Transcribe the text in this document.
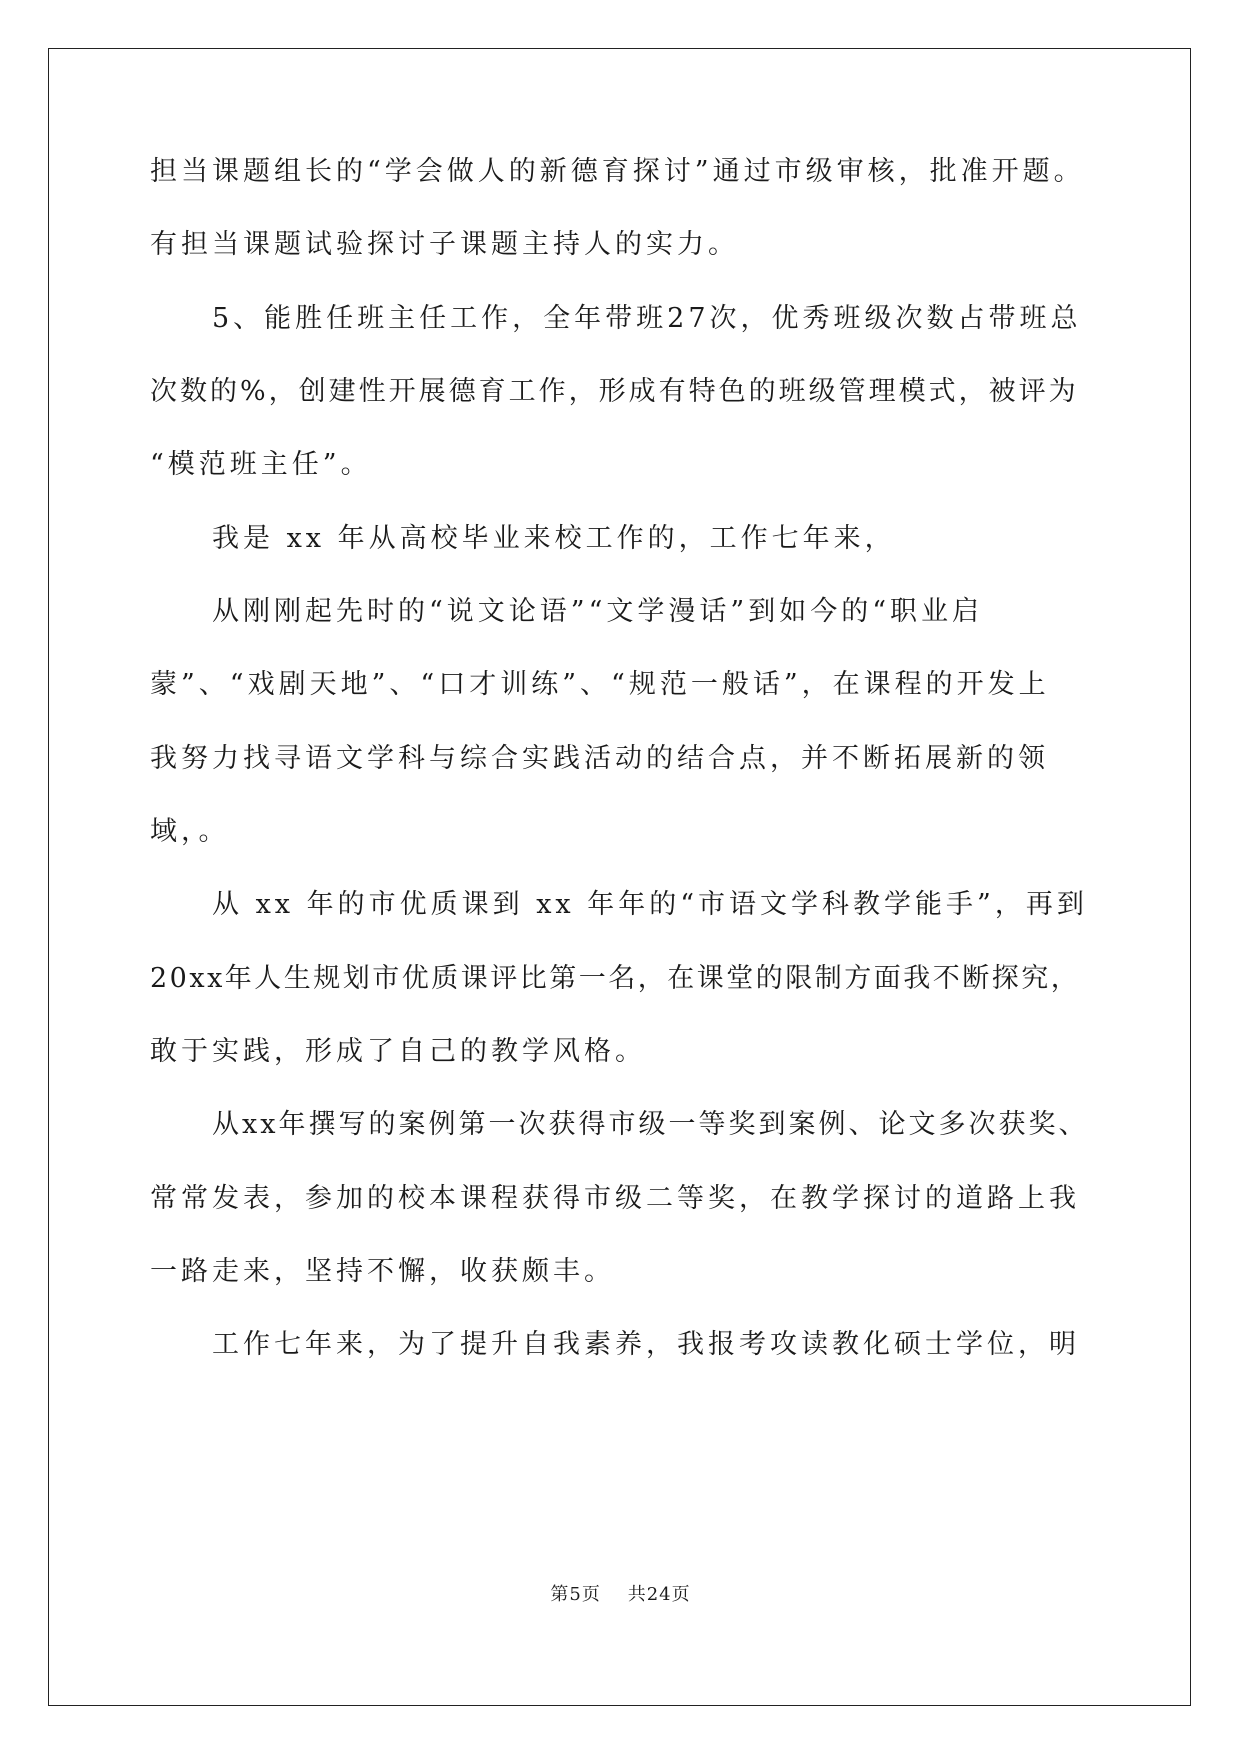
担当课题组长的“学会做人的新德育探讨”通过市级审核，批准开题。
有担当课题试验探讨子课题主持人的实力。
5、能胜任班主任工作，全年带班27次，优秀班级次数占带班总
次数的%，创建性开展德育工作，形成有特色的班级管理模式，被评为
“模范班主任”。
我是 xx 年从高校毕业来校工作的，工作七年来，
从刚刚起先时的“说文论语”“文学漫话”到如今的“职业启
蒙”、“戏剧天地”、“口才训练”、“规范一般话”，在课程的开发上
我努力找寻语文学科与综合实践活动的结合点，并不断拓展新的领
域，。
从 xx 年的市优质课到 xx 年年的“市语文学科教学能手”，再到
20xx年人生规划市优质课评比第一名，在课堂的限制方面我不断探究，
敢于实践，形成了自己的教学风格。
从xx年撰写的案例第一次获得市级一等奖到案例、论文多次获奖、
常常发表，参加的校本课程获得市级二等奖，在教学探讨的道路上我
一路走来，坚持不懈，收获颇丰。
工作七年来，为了提升自我素养，我报考攻读教化硕士学位，明
第5页    共24页
